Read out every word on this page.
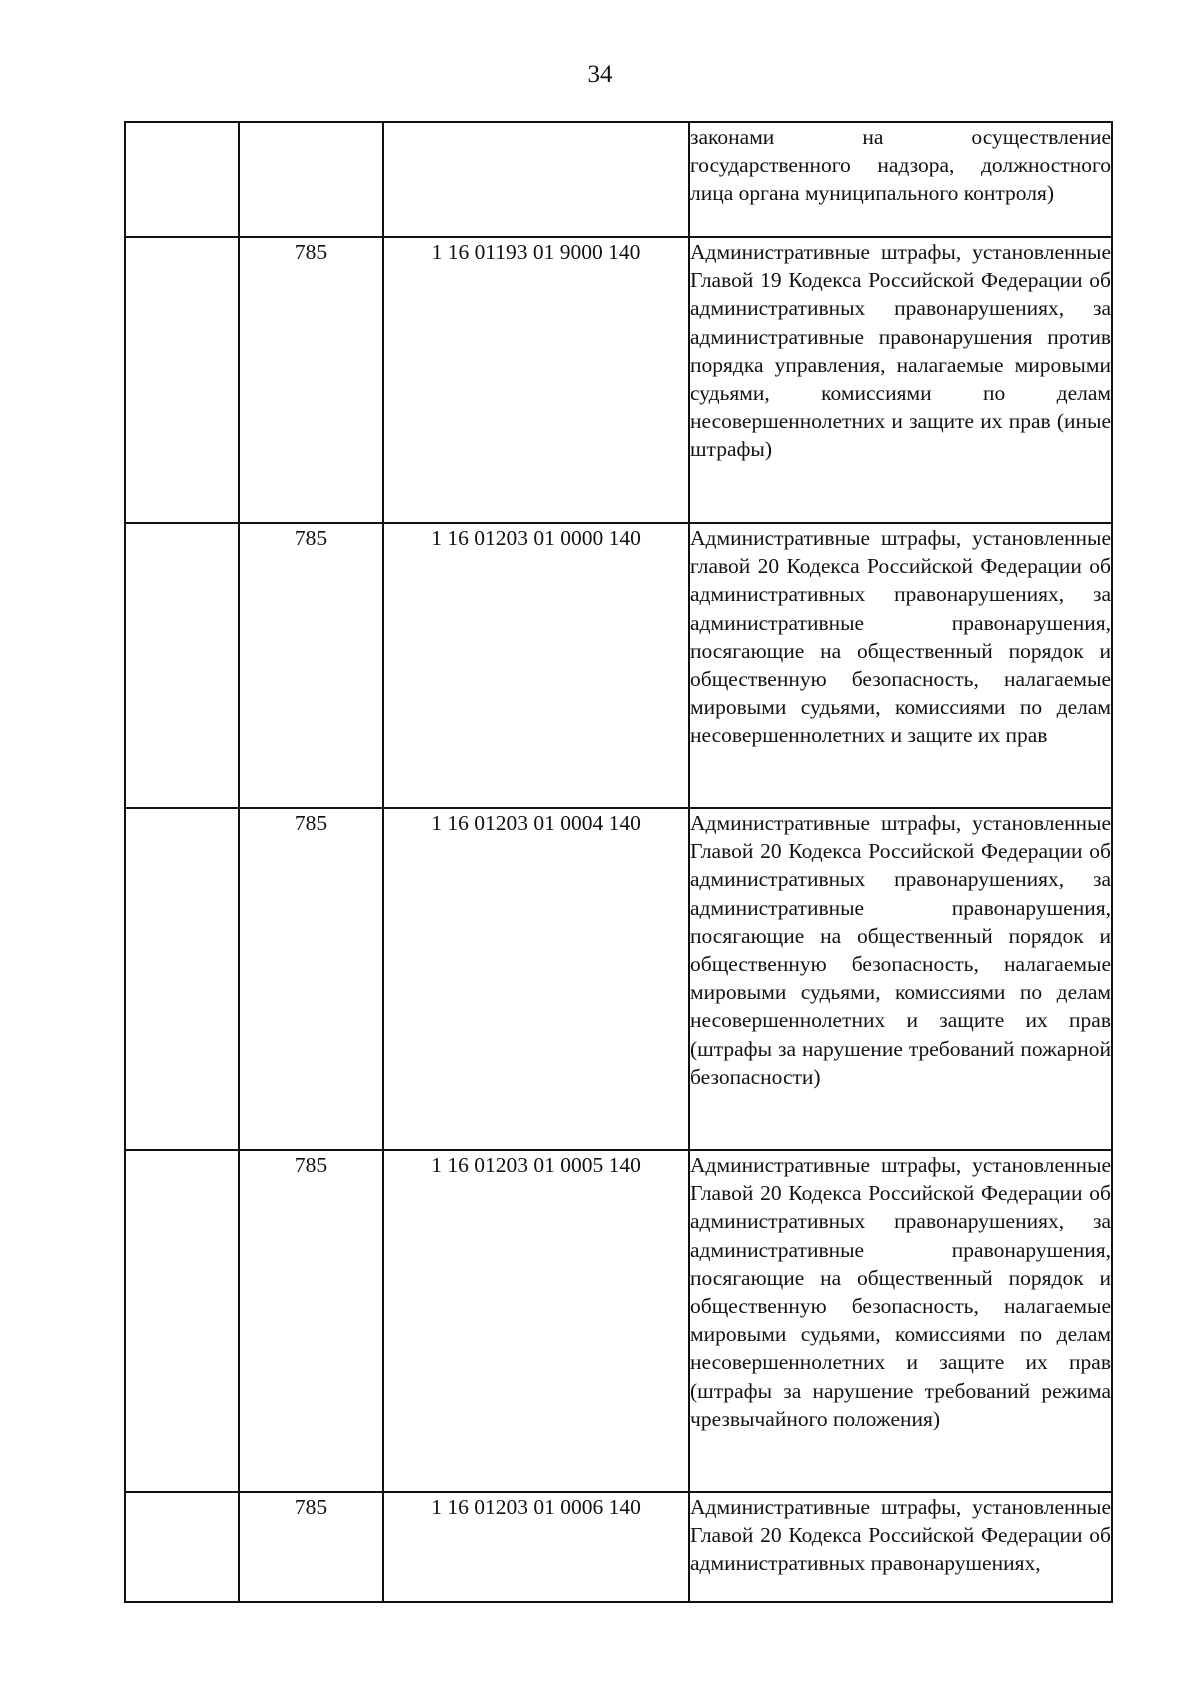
34
			законами на осуществление государственного надзора, должностного лица органа муниципального контроля)
	785	1 16 01193 01 9000 140	Административные штрафы, установленные Главой 19 Кодекса Российской Федерации об административных правонарушениях, за административные правонарушения против порядка управления, налагаемые мировыми судьями, комиссиями по делам несовершеннолетних и защите их прав (иные штрафы)
	785	1 16 01203 01 0000 140	Административные штрафы, установленные главой 20 Кодекса Российской Федерации об административных правонарушениях, за административные правонарушения, посягающие на общественный порядок и общественную безопасность, налагаемые мировыми судьями, комиссиями по делам несовершеннолетних и защите их прав
	785	1 16 01203 01 0004 140	Административные штрафы, установленные Главой 20 Кодекса Российской Федерации об административных правонарушениях, за административные правонарушения, посягающие на общественный порядок и общественную безопасность, налагаемые мировыми судьями, комиссиями по делам несовершеннолетних и защите их прав (штрафы за нарушение требований пожарной безопасности)
	785	1 16 01203 01 0005 140	Административные штрафы, установленные Главой 20 Кодекса Российской Федерации об административных правонарушениях, за административные правонарушения, посягающие на общественный порядок и общественную безопасность, налагаемые мировыми судьями, комиссиями по делам несовершеннолетних и защите их прав (штрафы за нарушение требований режима чрезвычайного положения)
	785	1 16 01203 01 0006 140	Административные штрафы, установленные Главой 20 Кодекса Российской Федерации об административных правонарушениях,
